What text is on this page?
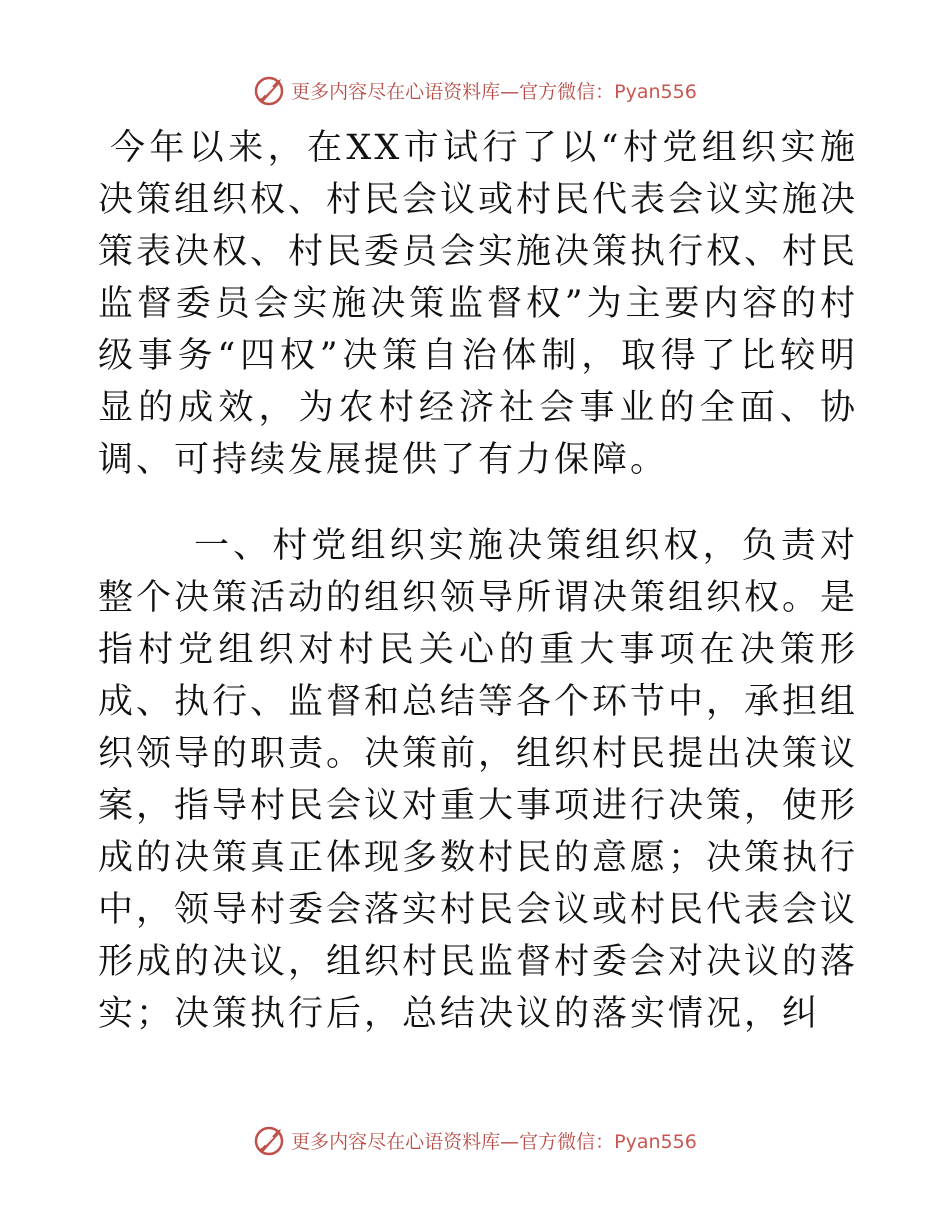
更多内容尽在心语资料库—官方微信：Pyan556

今年以来，在XX市试行了以“村党组织实施决策组织权、村民会议或村民代表会议实施决策表决权、村民委员会实施决策执行权、村民监督委员会实施决策监督权”为主要内容的村级事务“四权”决策自治体制，取得了比较明显的成效，为农村经济社会事业的全面、协调、可持续发展提供了有力保障。

一、村党组织实施决策组织权，负责对整个决策活动的组织领导所谓决策组织权。是指村党组织对村民关心的重大事项在决策形成、执行、监督和总结等各个环节中，承担组织领导的职责。决策前，组织村民提出决策议案，指导村民会议对重大事项进行决策，使形成的决策真正体现多数村民的意愿；决策执行中，领导村委会落实村民会议或村民代表会议形成的决议，组织村民监督村委会对决议的落实；决策执行后，总结决议的落实情况，纠

更多内容尽在心语资料库—官方微信：Pyan556
